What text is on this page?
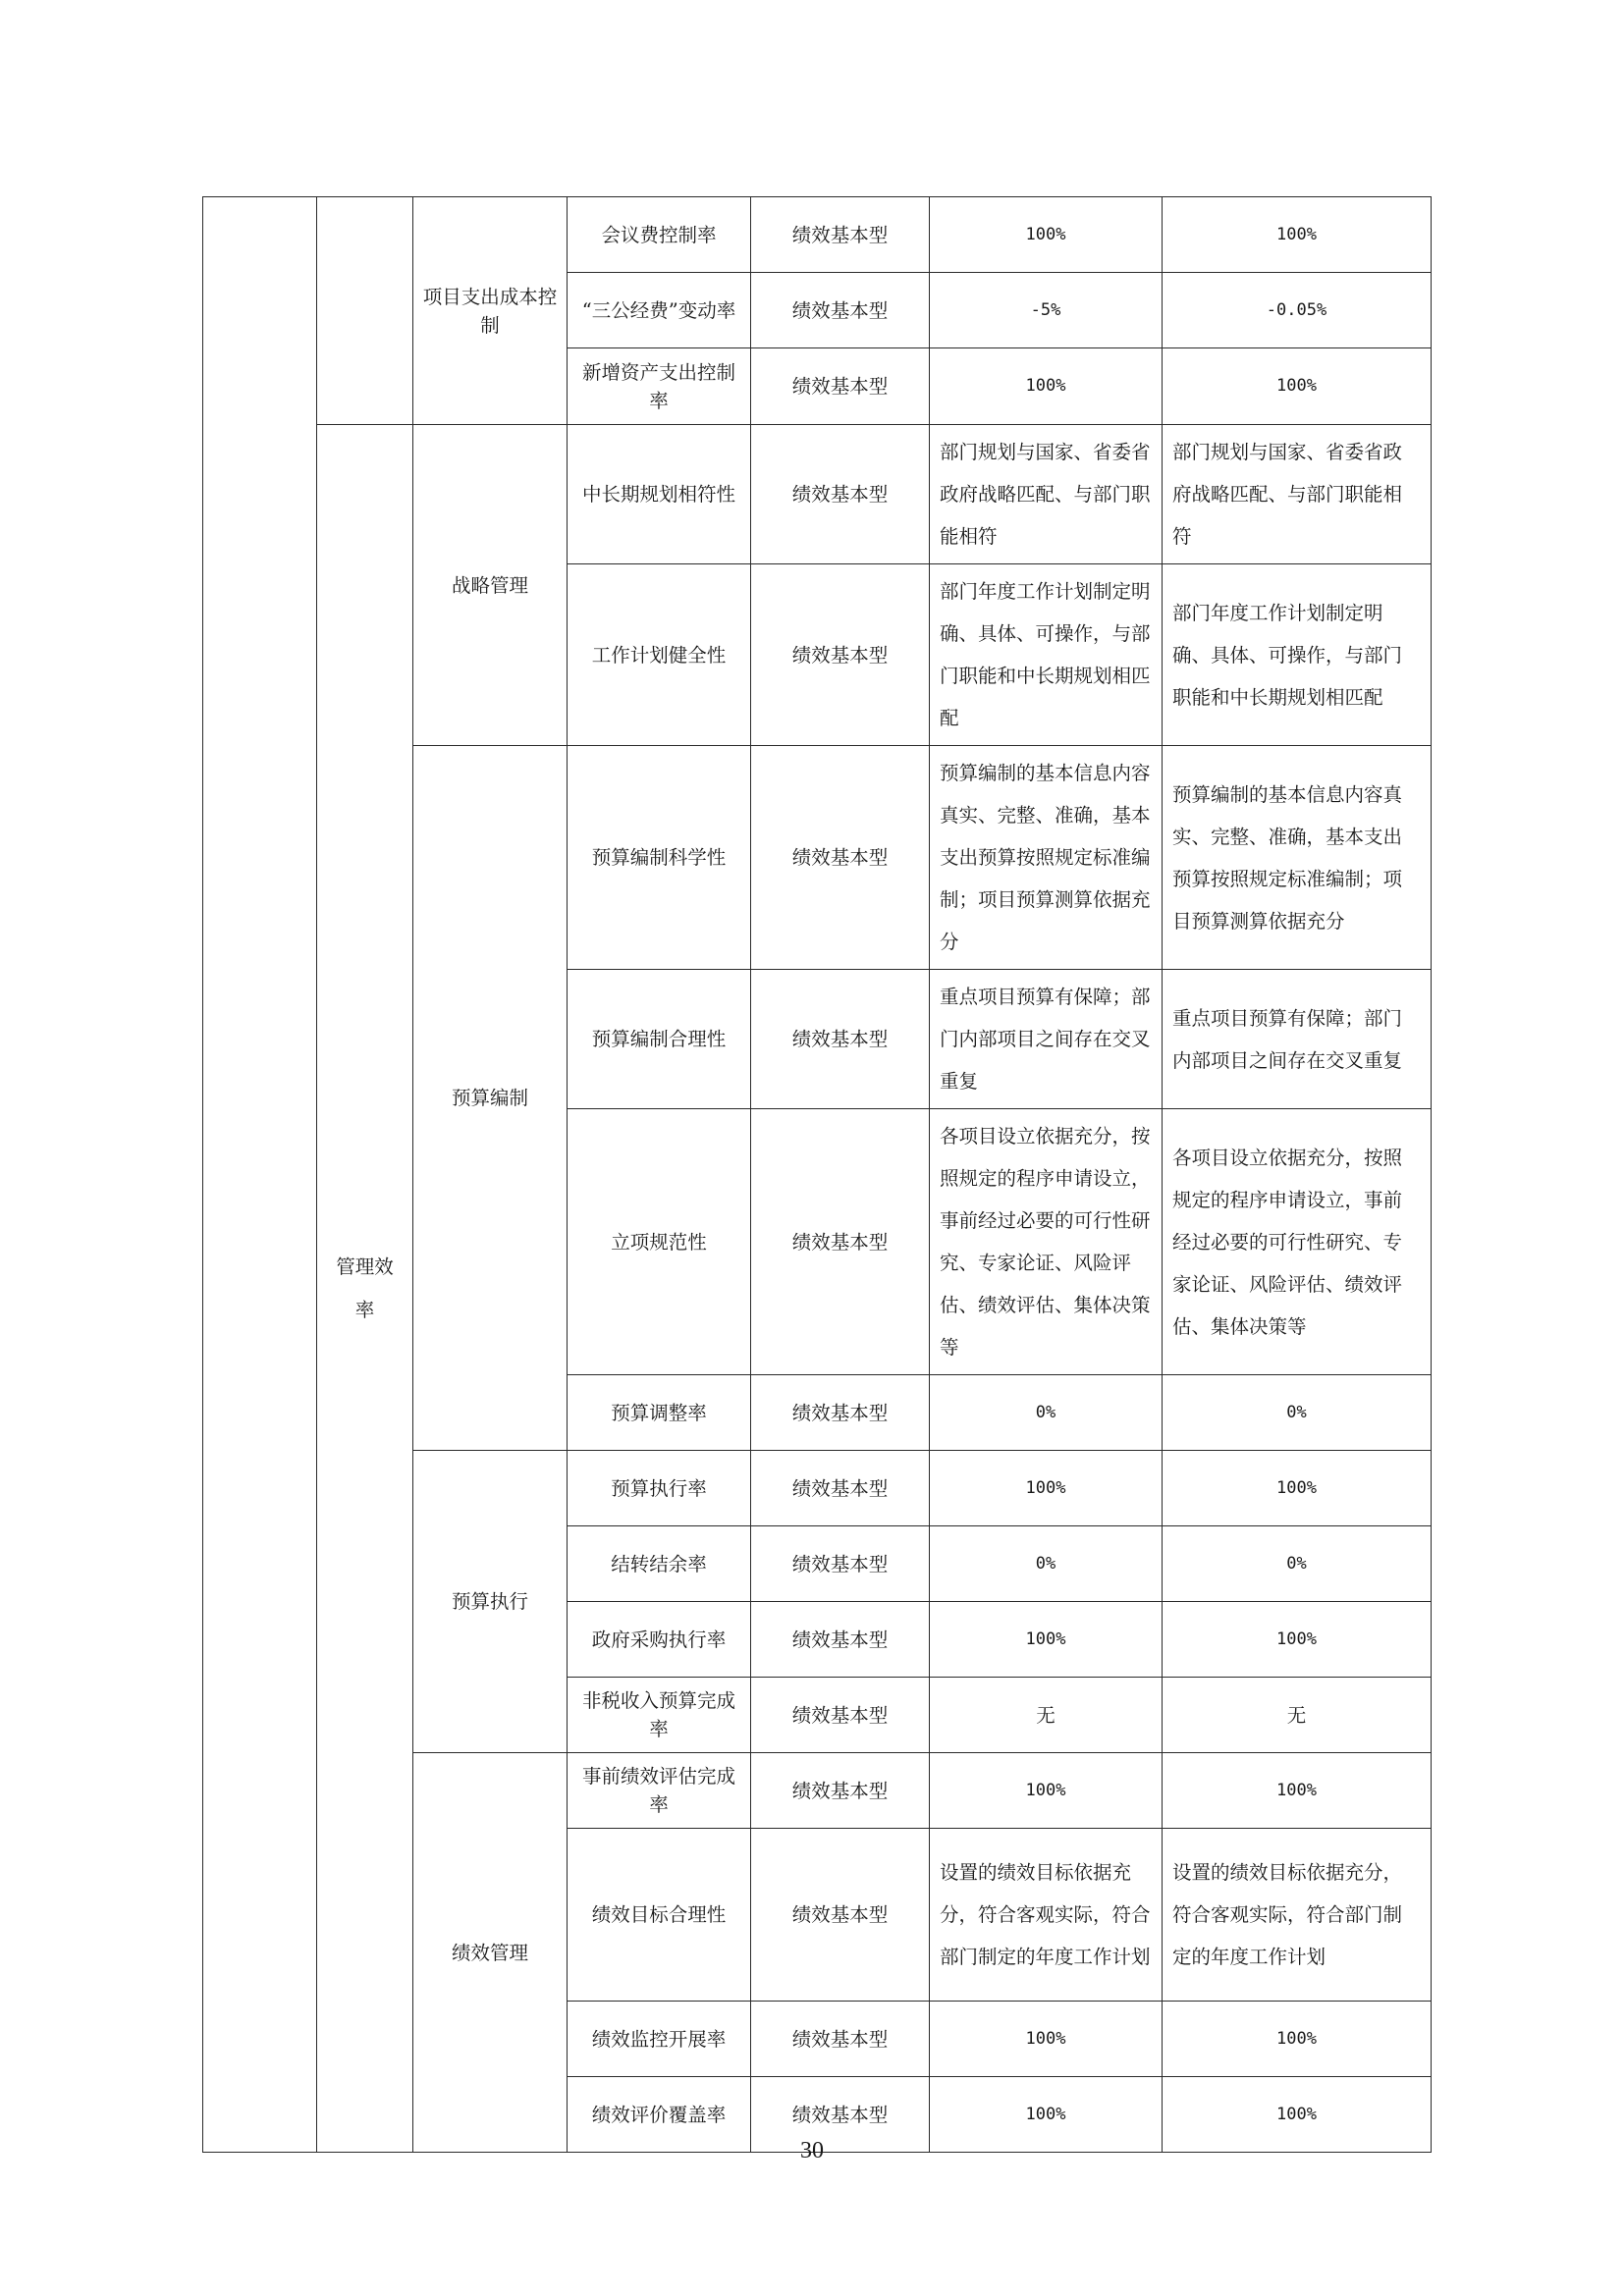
		项目支出成本控制	会议费控制率	绩效基本型	100%	100%
			“三公经费”变动率	绩效基本型	-5%	-0.05%
			新增资产支出控制率	绩效基本型	100%	100%
	管理效率	战略管理	中长期规划相符性	绩效基本型	部门规划与国家、省委省政府战略匹配、与部门职能相符	部门规划与国家、省委省政府战略匹配、与部门职能相符
			工作计划健全性	绩效基本型	部门年度工作计划制定明确、具体、可操作，与部门职能和中长期规划相匹配	部门年度工作计划制定明确、具体、可操作，与部门职能和中长期规划相匹配
		预算编制	预算编制科学性	绩效基本型	预算编制的基本信息内容真实、完整、准确，基本支出预算按照规定标准编制；项目预算测算依据充分	预算编制的基本信息内容真实、完整、准确，基本支出预算按照规定标准编制；项目预算测算依据充分
			预算编制合理性	绩效基本型	重点项目预算有保障；部门内部项目之间存在交叉重复	重点项目预算有保障；部门内部项目之间存在交叉重复
			立项规范性	绩效基本型	各项目设立依据充分，按照规定的程序申请设立，事前经过必要的可行性研究、专家论证、风险评估、绩效评估、集体决策等	各项目设立依据充分，按照规定的程序申请设立，事前经过必要的可行性研究、专家论证、风险评估、绩效评估、集体决策等
			预算调整率	绩效基本型	0%	0%
		预算执行	预算执行率	绩效基本型	100%	100%
			结转结余率	绩效基本型	0%	0%
			政府采购执行率	绩效基本型	100%	100%
			非税收入预算完成率	绩效基本型	无	无
		绩效管理	事前绩效评估完成率	绩效基本型	100%	100%
			绩效目标合理性	绩效基本型	设置的绩效目标依据充分，符合客观实际，符合部门制定的年度工作计划	设置的绩效目标依据充分，符合客观实际，符合部门制定的年度工作计划
			绩效监控开展率	绩效基本型	100%	100%
			绩效评价覆盖率	绩效基本型	100%	100%
30
